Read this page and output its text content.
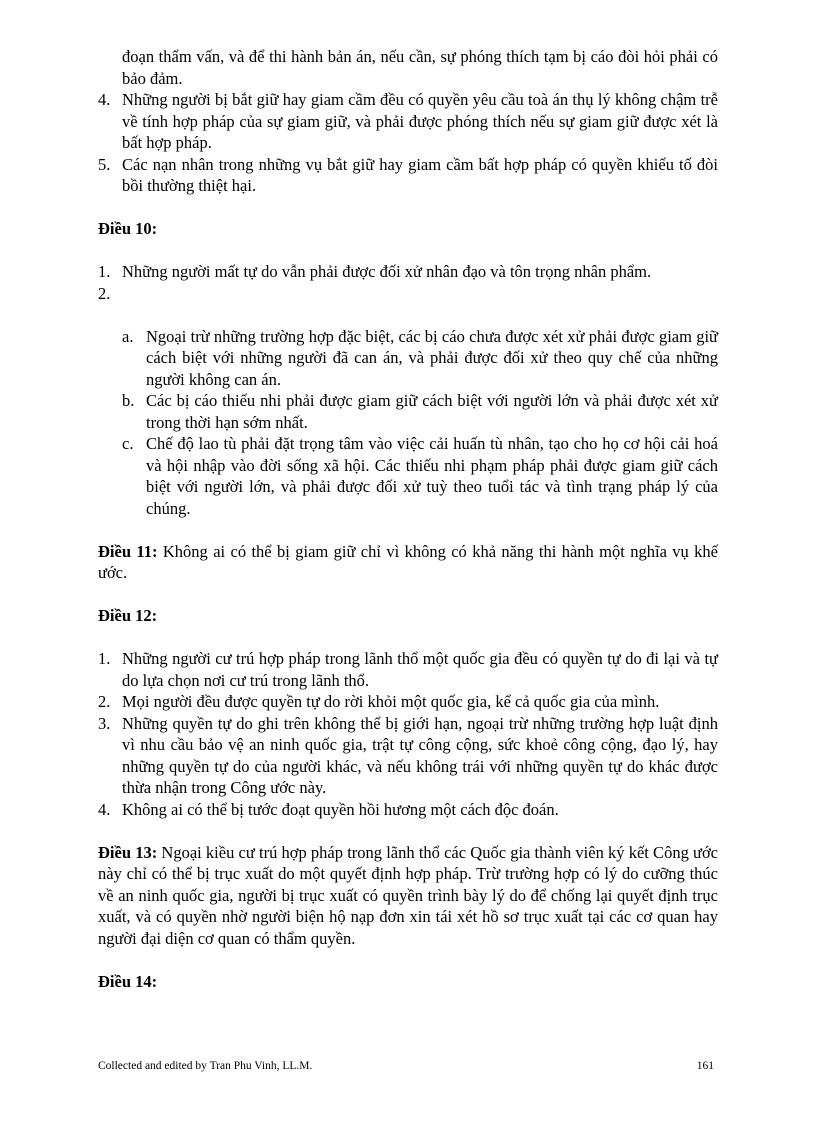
đoạn thẩm vấn, và để thi hành bản án, nếu cần, sự phóng thích tạm bị cáo đòi hỏi phải có bảo đảm.

4. Những người bị bắt giữ hay giam cầm đều có quyền yêu cầu toà án thụ lý không chậm trễ về tính hợp pháp của sự giam giữ, và phải được phóng thích nếu sự giam giữ được xét là bất hợp pháp.
5. Các nạn nhân trong những vụ bắt giữ hay giam cầm bất hợp pháp có quyền khiếu tố đòi bồi thường thiệt hại.

Điều 10:

1. Những người mất tự do vẫn phải được đối xử nhân đạo và tôn trọng nhân phẩm.
2.

a. Ngoại trừ những trường hợp đặc biệt, các bị cáo chưa được xét xử phải được giam giữ cách biệt với những người đã can án, và phải được đối xử theo quy chế của những người không can án.
b. Các bị cáo thiếu nhi phải được giam giữ cách biệt với người lớn và phải được xét xử trong thời hạn sớm nhất.
c. Chế độ lao tù phải đặt trọng tâm vào việc cải huấn tù nhân, tạo cho họ cơ hội cải hoá và hội nhập vào đời sống xã hội. Các thiếu nhi phạm pháp phải được giam giữ cách biệt với người lớn, và phải được đối xử tuỳ theo tuổi tác và tình trạng pháp lý của chúng.

Điều 11: Không ai có thể bị giam giữ chỉ vì không có khả năng thi hành một nghĩa vụ khế ước.

Điều 12:

1. Những người cư trú hợp pháp trong lãnh thổ một quốc gia đều có quyền tự do đi lại và tự do lựa chọn nơi cư trú trong lãnh thổ.
2. Mọi người đều được quyền tự do rời khỏi một quốc gia, kể cả quốc gia của mình.
3. Những quyền tự do ghi trên không thể bị giới hạn, ngoại trừ những trường hợp luật định vì nhu cầu bảo vệ an ninh quốc gia, trật tự công cộng, sức khoẻ công cộng, đạo lý, hay những quyền tự do của người khác, và nếu không trái với những quyền tự do khác được thừa nhận trong Công ước này.
4. Không ai có thể bị tước đoạt quyền hồi hương một cách độc đoán.

Điều 13: Ngoại kiều cư trú hợp pháp trong lãnh thổ các Quốc gia thành viên ký kết Công ước này chỉ có thể bị trục xuất do một quyết định hợp pháp. Trừ trường hợp có lý do cưỡng thúc về an ninh quốc gia, người bị trục xuất có quyền trình bày lý do để chống lại quyết định trục xuất, và có quyền nhờ người biện hộ nạp đơn xin tái xét hồ sơ trục xuất tại các cơ quan hay người đại diện cơ quan có thẩm quyền.

Điều 14:

Collected and edited by Tran Phu Vinh, LL.M.	161
